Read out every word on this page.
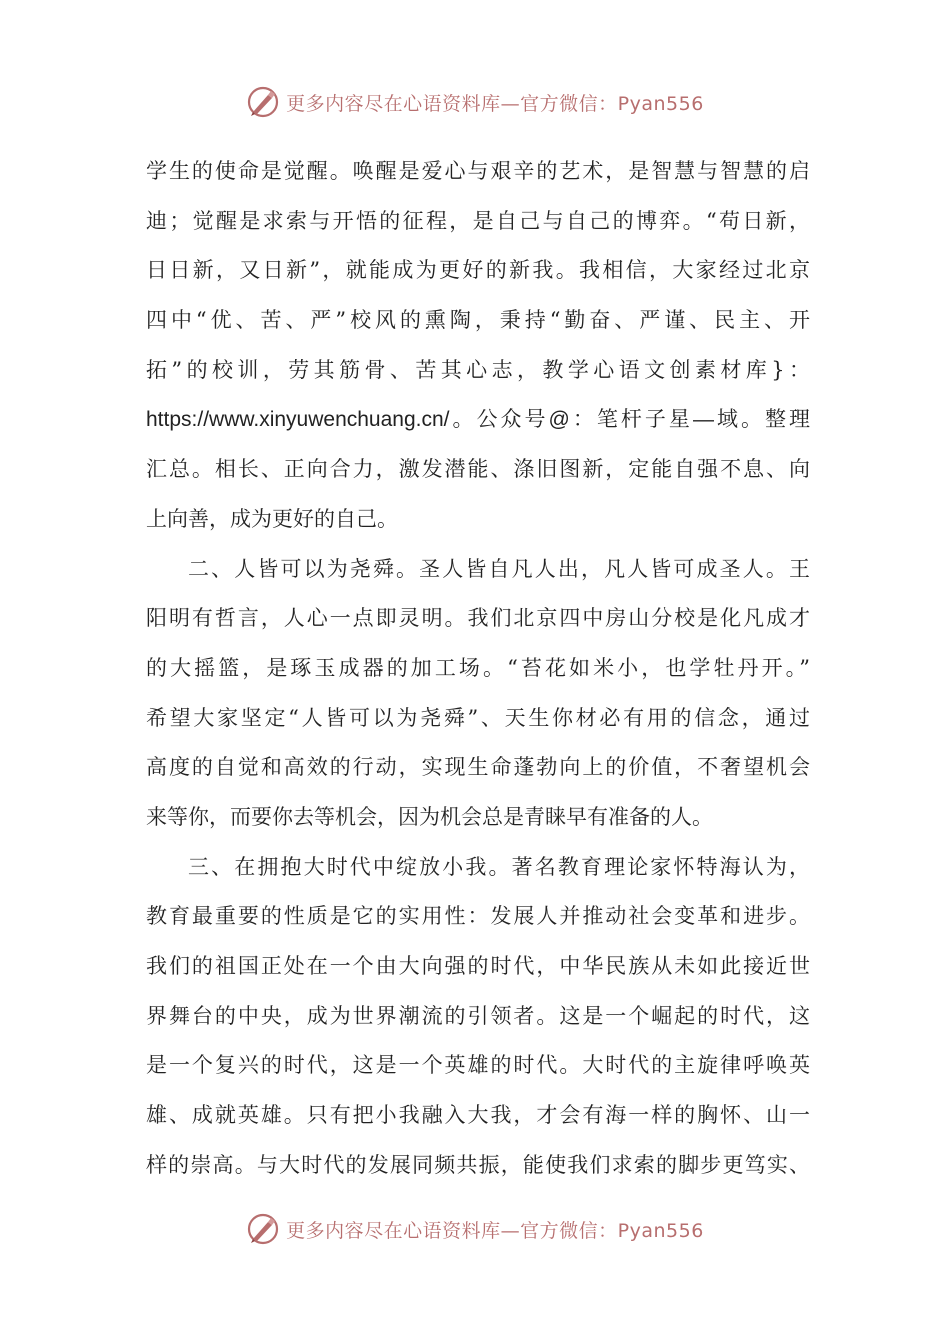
更多内容尽在心语资料库—官方微信：Pyan556

学生的使命是觉醒。唤醒是爱心与艰辛的艺术，是智慧与智慧的启

迪；觉醒是求索与开悟的征程，是自己与自己的博弈。“苟日新，

日日新，又日新”，就能成为更好的新我。我相信，大家经过北京

四中“优、苦、严”校风的熏陶，秉持“勤奋、严谨、民主、开

拓”的校训，劳其筋骨、苦其心志，教学心语文创素材库}：

https://www.xinyuwenchuang.cn/。公众号@：笔杆子星—域。整理

汇总。相长、正向合力，激发潜能、涤旧图新，定能自强不息、向

上向善，成为更好的自己。

二、人皆可以为尧舜。圣人皆自凡人出，凡人皆可成圣人。王

阳明有哲言，人心一点即灵明。我们北京四中房山分校是化凡成才

的大摇篮，是琢玉成器的加工场。“苔花如米小，也学牡丹开。”

希望大家坚定“人皆可以为尧舜”、天生你材必有用的信念，通过

高度的自觉和高效的行动，实现生命蓬勃向上的价值，不奢望机会

来等你，而要你去等机会，因为机会总是青睐早有准备的人。

三、在拥抱大时代中绽放小我。著名教育理论家怀特海认为，

教育最重要的性质是它的实用性：发展人并推动社会变革和进步。

我们的祖国正处在一个由大向强的时代，中华民族从未如此接近世

界舞台的中央，成为世界潮流的引领者。这是一个崛起的时代，这

是一个复兴的时代，这是一个英雄的时代。大时代的主旋律呼唤英

雄、成就英雄。只有把小我融入大我，才会有海一样的胸怀、山一

样的崇高。与大时代的发展同频共振，能使我们求索的脚步更笃实、

更多内容尽在心语资料库—官方微信：Pyan556
